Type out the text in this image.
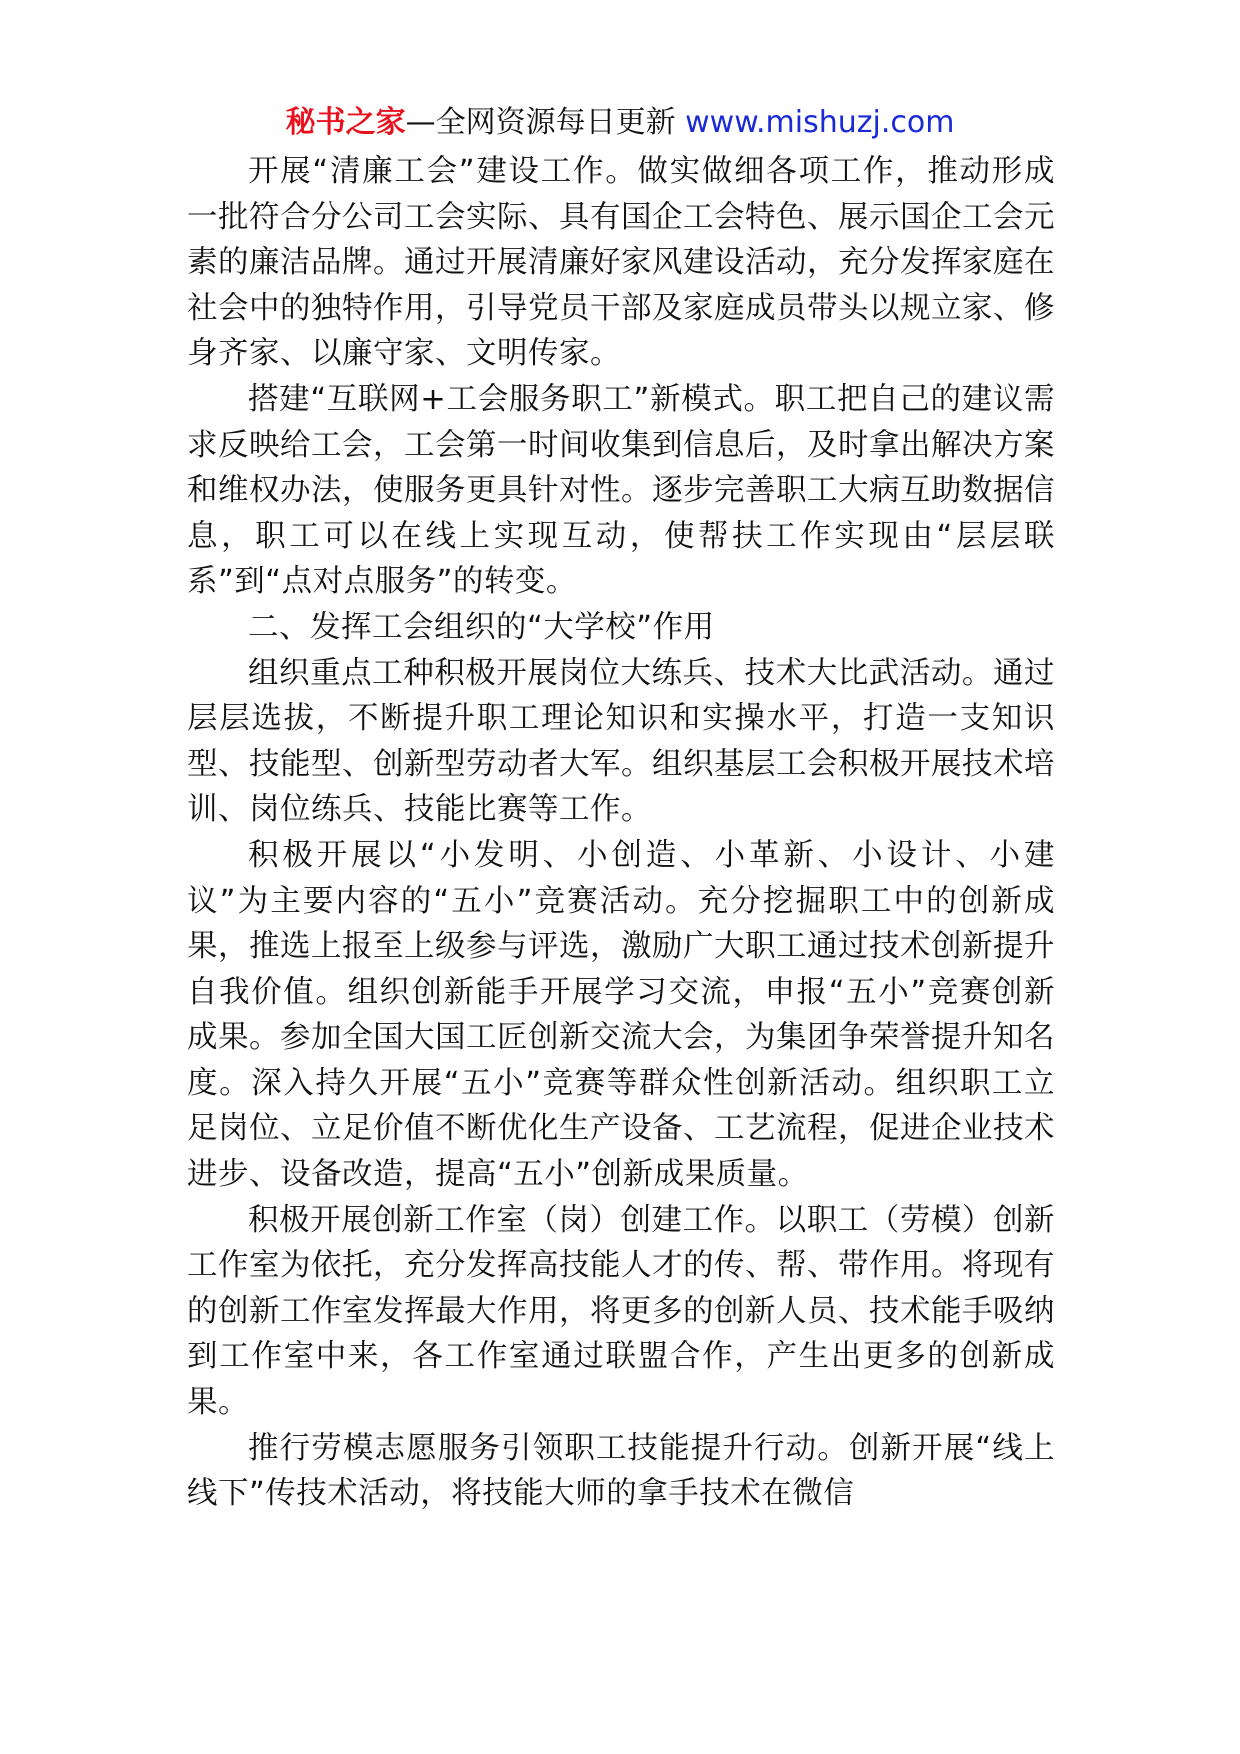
秘书之家—全网资源每日更新 www.mishuzj.com

开展“清廉工会”建设工作。做实做细各项工作，推动形成一批符合分公司工会实际、具有国企工会特色、展示国企工会元素的廉洁品牌。通过开展清廉好家风建设活动，充分发挥家庭在社会中的独特作用，引导党员干部及家庭成员带头以规立家、修身齐家、以廉守家、文明传家。

搭建“互联网+工会服务职工”新模式。职工把自己的建议需求反映给工会，工会第一时间收集到信息后，及时拿出解决方案和维权办法，使服务更具针对性。逐步完善职工大病互助数据信息，职工可以在线上实现互动，使帮扶工作实现由“层层联系”到“点对点服务”的转变。

二、发挥工会组织的“大学校”作用

组织重点工种积极开展岗位大练兵、技术大比武活动。通过层层选拔，不断提升职工理论知识和实操水平，打造一支知识型、技能型、创新型劳动者大军。组织基层工会积极开展技术培训、岗位练兵、技能比赛等工作。

积极开展以“小发明、小创造、小革新、小设计、小建议”为主要内容的“五小”竞赛活动。充分挖掘职工中的创新成果，推选上报至上级参与评选，激励广大职工通过技术创新提升自我价值。组织创新能手开展学习交流，申报“五小”竞赛创新成果。参加全国大国工匠创新交流大会，为集团争荣誉提升知名度。深入持久开展“五小”竞赛等群众性创新活动。组织职工立足岗位、立足价值不断优化生产设备、工艺流程，促进企业技术进步、设备改造，提高“五小”创新成果质量。

积极开展创新工作室（岗）创建工作。以职工（劳模）创新工作室为依托，充分发挥高技能人才的传、帮、带作用。将现有的创新工作室发挥最大作用，将更多的创新人员、技术能手吸纳到工作室中来，各工作室通过联盟合作，产生出更多的创新成果。

推行劳模志愿服务引领职工技能提升行动。创新开展“线上线下”传技术活动，将技能大师的拿手技术在微信
